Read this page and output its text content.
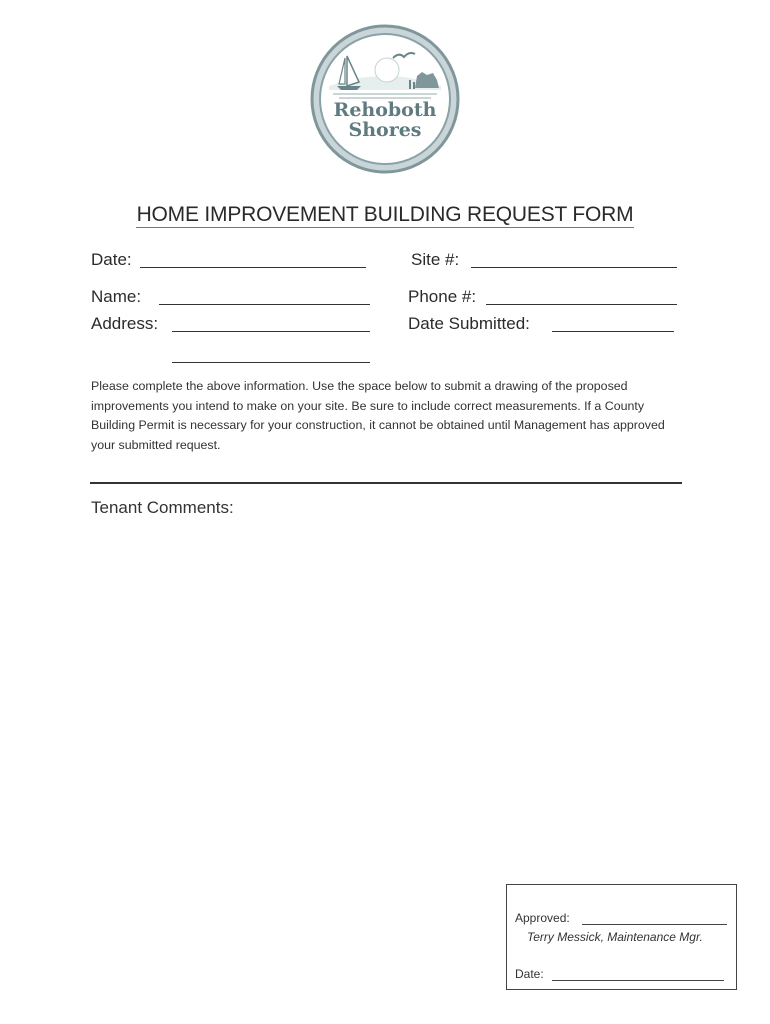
Rehoboth
Shores
HOME IMPROVEMENT BUILDING REQUEST FORM
Date:	Site #:
Name:	Phone #:
Address:	Date Submitted:
Please complete the above information. Use the space below to submit a drawing of the proposed improvements you intend to make on your site. Be sure to include correct measurements. If a County Building Permit is necessary for your construction, it cannot be obtained until Management has approved your submitted request.
Tenant Comments:
Approved:
Terry Messick, Maintenance Mgr.
Date:
